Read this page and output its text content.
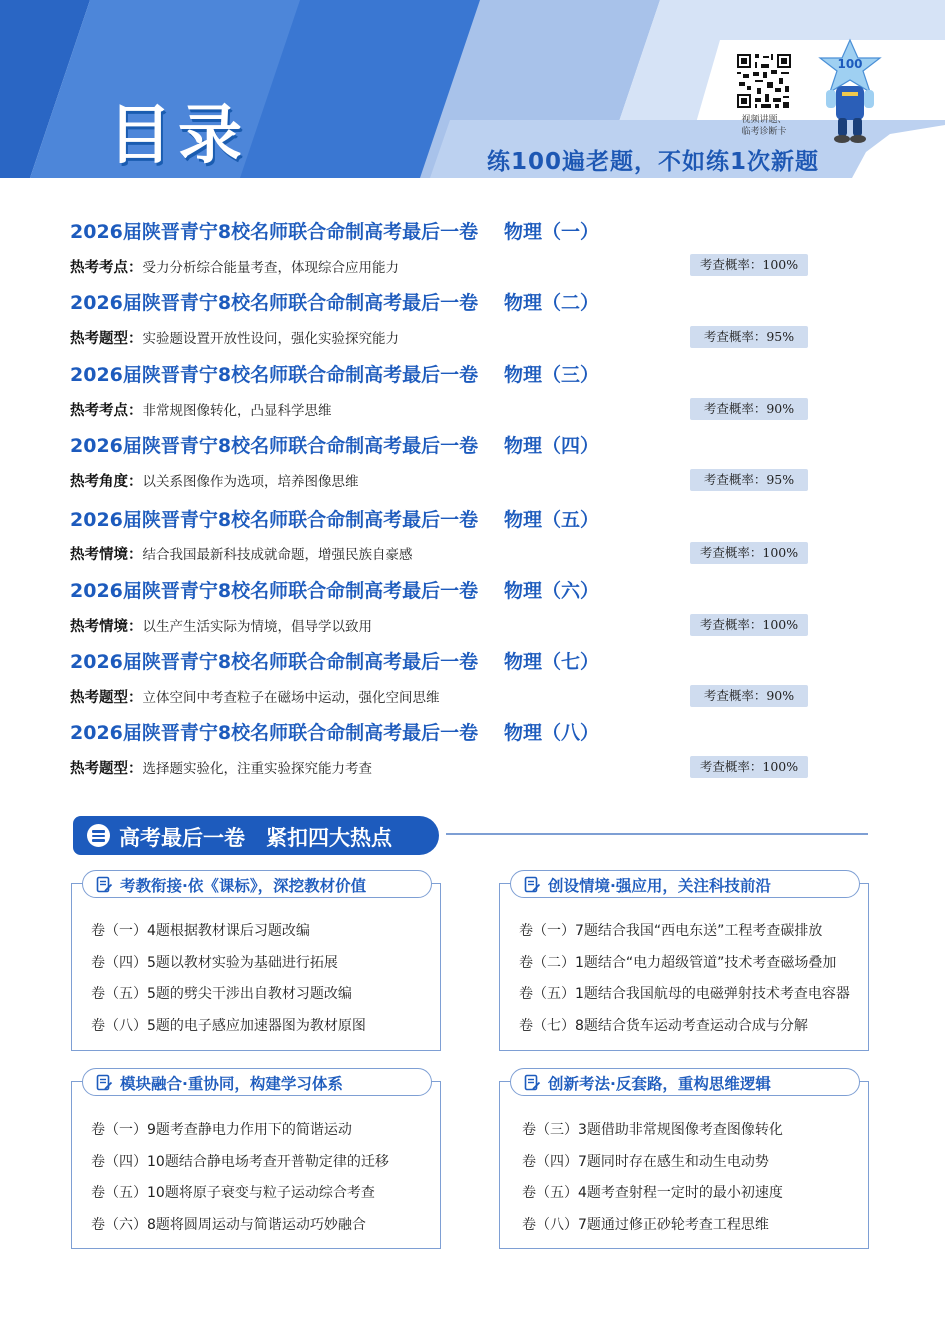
目录	练100遍老题，不如练1次新题
视频讲题、
临考诊断卡
100
2026届陕晋青宁8校名师联合命制高考最后一卷 物理（一）
热考考点：受力分析综合能量考查，体现综合应用能力	考查概率：100%
2026届陕晋青宁8校名师联合命制高考最后一卷 物理（二）
热考题型：实验题设置开放性设问，强化实验探究能力	考查概率：95%
2026届陕晋青宁8校名师联合命制高考最后一卷 物理（三）
热考考点：非常规图像转化，凸显科学思维	考查概率：90%
2026届陕晋青宁8校名师联合命制高考最后一卷 物理（四）
热考角度：以关系图像作为选项，培养图像思维	考查概率：95%
2026届陕晋青宁8校名师联合命制高考最后一卷 物理（五）
热考情境：结合我国最新科技成就命题，增强民族自豪感	考查概率：100%
2026届陕晋青宁8校名师联合命制高考最后一卷 物理（六）
热考情境：以生产生活实际为情境，倡导学以致用	考查概率：100%
2026届陕晋青宁8校名师联合命制高考最后一卷 物理（七）
热考题型：立体空间中考查粒子在磁场中运动，强化空间思维	考查概率：90%
2026届陕晋青宁8校名师联合命制高考最后一卷 物理（八）
热考题型：选择题实验化，注重实验探究能力考查	考查概率：100%
高考最后一卷　紧扣四大热点
考教衔接·依《课标》，深挖教材价值
卷（一）4题根据教材课后习题改编
卷（四）5题以教材实验为基础进行拓展
卷（五）5题的劈尖干涉出自教材习题改编
卷（八）5题的电子感应加速器图为教材原图
创设情境·强应用，关注科技前沿
卷（一）7题结合我国“西电东送”工程考查碳排放
卷（二）1题结合“电力超级管道”技术考查磁场叠加
卷（五）1题结合我国航母的电磁弹射技术考查电容器
卷（七）8题结合货车运动考查运动合成与分解
模块融合·重协同，构建学习体系
卷（一）9题考查静电力作用下的简谐运动
卷（四）10题结合静电场考查开普勒定律的迁移
卷（五）10题将原子衰变与粒子运动综合考查
卷（六）8题将圆周运动与简谐运动巧妙融合
创新考法·反套路，重构思维逻辑
卷（三）3题借助非常规图像考查图像转化
卷（四）7题同时存在感生和动生电动势
卷（五）4题考查射程一定时的最小初速度
卷（八）7题通过修正砂轮考查工程思维
